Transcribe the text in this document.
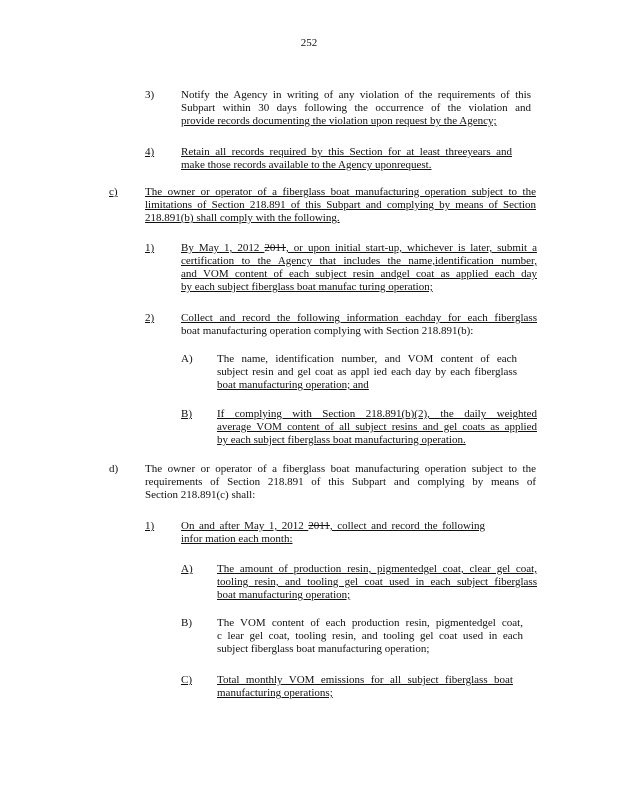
252
3) Notify the Agency in writing of any violation of the requirements of this
Subpart within 30 days following the occurrence of the violation and
provide records documenting the violation upon request by the Agency;
4) Retain all records required by this Section for at least threeyears and
make those records available to the Agency uponrequest.
c) The owner or operator of a fiberglass boat manufacturing operation subject to the
limitations of Section 218.891 of this Subpart and complying by means of Section
218.891(b) shall comply with the following.
1) By May 1, 2012 2011, or upon initial start-up, whichever is later, submit a
certification to the Agency that includes the name,identification number,
and VOM content of each subject resin andgel coat as applied each day
by each subject fiberglass boat manufac turing operation;
2) Collect and record the following information eachday for each fiberglass
boat manufacturing operation complying with Section 218.891(b):
A) The name, identification number, and VOM content of each
subject resin and gel coat as appl ied each day by each fiberglass
boat manufacturing operation; and
B) If complying with Section 218.891(b)(2), the daily weighted
average VOM content of all subject resins and gel coats as applied
by each subject fiberglass boat manufacturing operation.
d) The owner or operator of a fiberglass boat manufacturing operation subject to the
requirements of Section 218.891 of this Subpart and complying by means of
Section 218.891(c) shall:
1) On and after May 1, 2012 2011, collect and record the following
infor mation each month:
A) The amount of production resin, pigmentedgel coat, clear gel coat,
tooling resin, and tooling gel coat used in each subject fiberglass
boat manufacturing operation;
B) The VOM content of each production resin, pigmentedgel coat,
c lear gel coat, tooling resin, and tooling gel coat used in each
subject fiberglass boat manufacturing operation;
C) Total monthly VOM emissions for all subject fiberglass boat
manufacturing operations;
